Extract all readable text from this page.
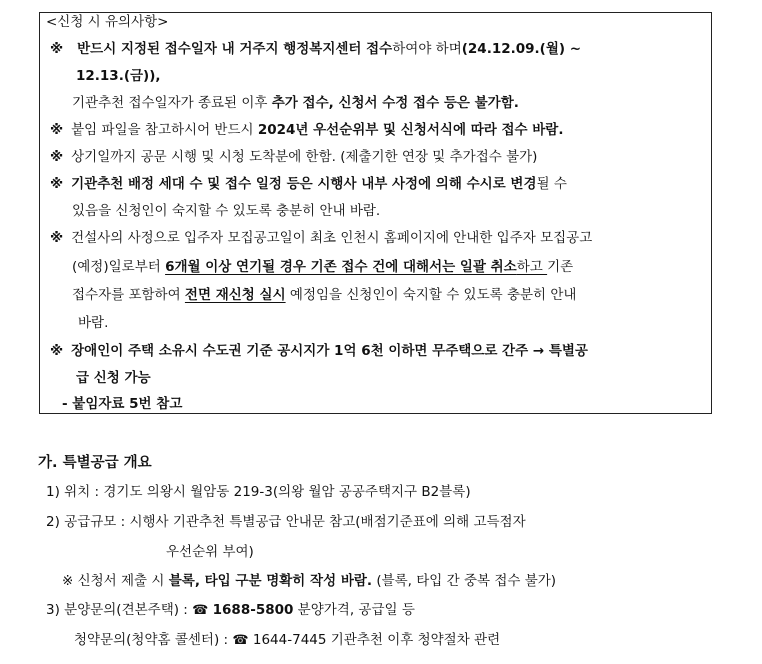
<신청 시 유의사항>
※ 반드시 지정된 접수일자 내 거주지 행정복지센터 접수하여야 하며(24.12.09.(월) ~
12.13.(금)),
기관추천 접수일자가 종료된 이후 추가 접수, 신청서 수정 접수 등은 불가함.
※ 붙임 파일을 참고하시어 반드시 2024년 우선순위부 및 신청서식에 따라 접수 바람.
※ 상기일까지 공문 시행 및 시청 도착분에 한함. (제출기한 연장 및 추가접수 불가)
※ 기관추천 배정 세대 수 및 접수 일정 등은 시행사 내부 사정에 의해 수시로 변경될 수
있음을 신청인이 숙지할 수 있도록 충분히 안내 바람.
※ 건설사의 사정으로 입주자 모집공고일이 최초 인천시 홈페이지에 안내한 입주자 모집공고
(예정)일로부터 6개월 이상 연기될 경우 기존 접수 건에 대해서는 일괄 취소하고 기존
접수자를 포함하여 전면 재신청 실시 예정임을 신청인이 숙지할 수 있도록 충분히 안내
바람.
※ 장애인이 주택 소유시 수도권 기준 공시지가 1억 6천 이하면 무주택으로 간주 → 특별공
급 신청 가능
- 붙임자료 5번 참고
가. 특별공급 개요
1) 위치 : 경기도 의왕시 월암동 219-3(의왕 월암 공공주택지구 B2블록)
2) 공급규모 : 시행사 기관추천 특별공급 안내문 참고(배점기준표에 의해 고득점자
우선순위 부여)
※ 신청서 제출 시 블록, 타입 구분 명확히 작성 바람. (블록, 타입 간 중복 접수 불가)
3) 분양문의(견본주택) : ☎ 1688-5800 분양가격, 공급일 등
청약문의(청약홈 콜센터) : ☎ 1644-7445 기관추천 이후 청약절차 관련
